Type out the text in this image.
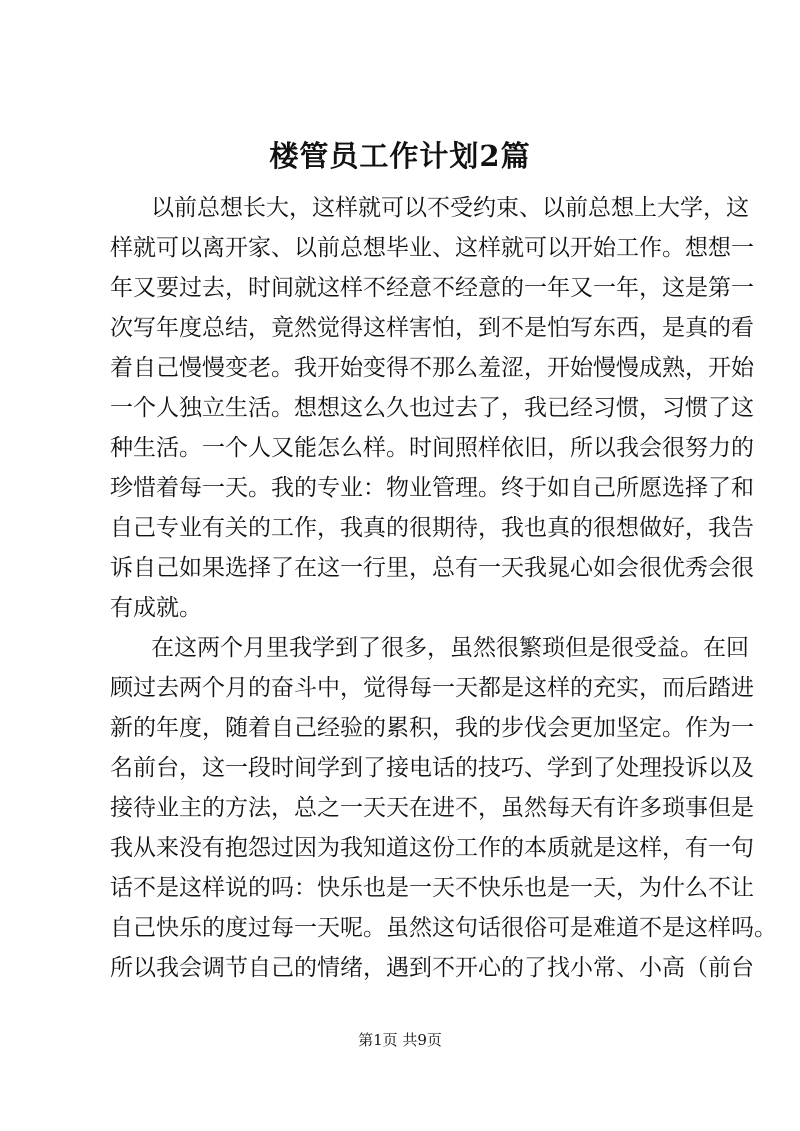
楼管员工作计划2篇

以前总想长大，这样就可以不受约束、以前总想上大学，这

样就可以离开家、以前总想毕业、这样就可以开始工作。想想一

年又要过去，时间就这样不经意不经意的一年又一年，这是第一

次写年度总结，竟然觉得这样害怕，到不是怕写东西，是真的看

着自己慢慢变老。我开始变得不那么羞涩，开始慢慢成熟，开始

一个人独立生活。想想这么久也过去了，我已经习惯，习惯了这

种生活。一个人又能怎么样。时间照样依旧，所以我会很努力的

珍惜着每一天。我的专业：物业管理。终于如自己所愿选择了和

自己专业有关的工作，我真的很期待，我也真的很想做好，我告

诉自己如果选择了在这一行里，总有一天我晁心如会很优秀会很

有成就。

在这两个月里我学到了很多，虽然很繁琐但是很受益。在回

顾过去两个月的奋斗中，觉得每一天都是这样的充实，而后踏进

新的年度，随着自己经验的累积，我的步伐会更加坚定。作为一

名前台，这一段时间学到了接电话的技巧、学到了处理投诉以及

接待业主的方法，总之一天天在进不，虽然每天有许多琐事但是

我从来没有抱怨过因为我知道这份工作的本质就是这样，有一句

话不是这样说的吗：快乐也是一天不快乐也是一天，为什么不让

自己快乐的度过每一天呢。虽然这句话很俗可是难道不是这样吗。

所以我会调节自己的情绪，遇到不开心的了找小常、小高（前台

第1页 共9页
